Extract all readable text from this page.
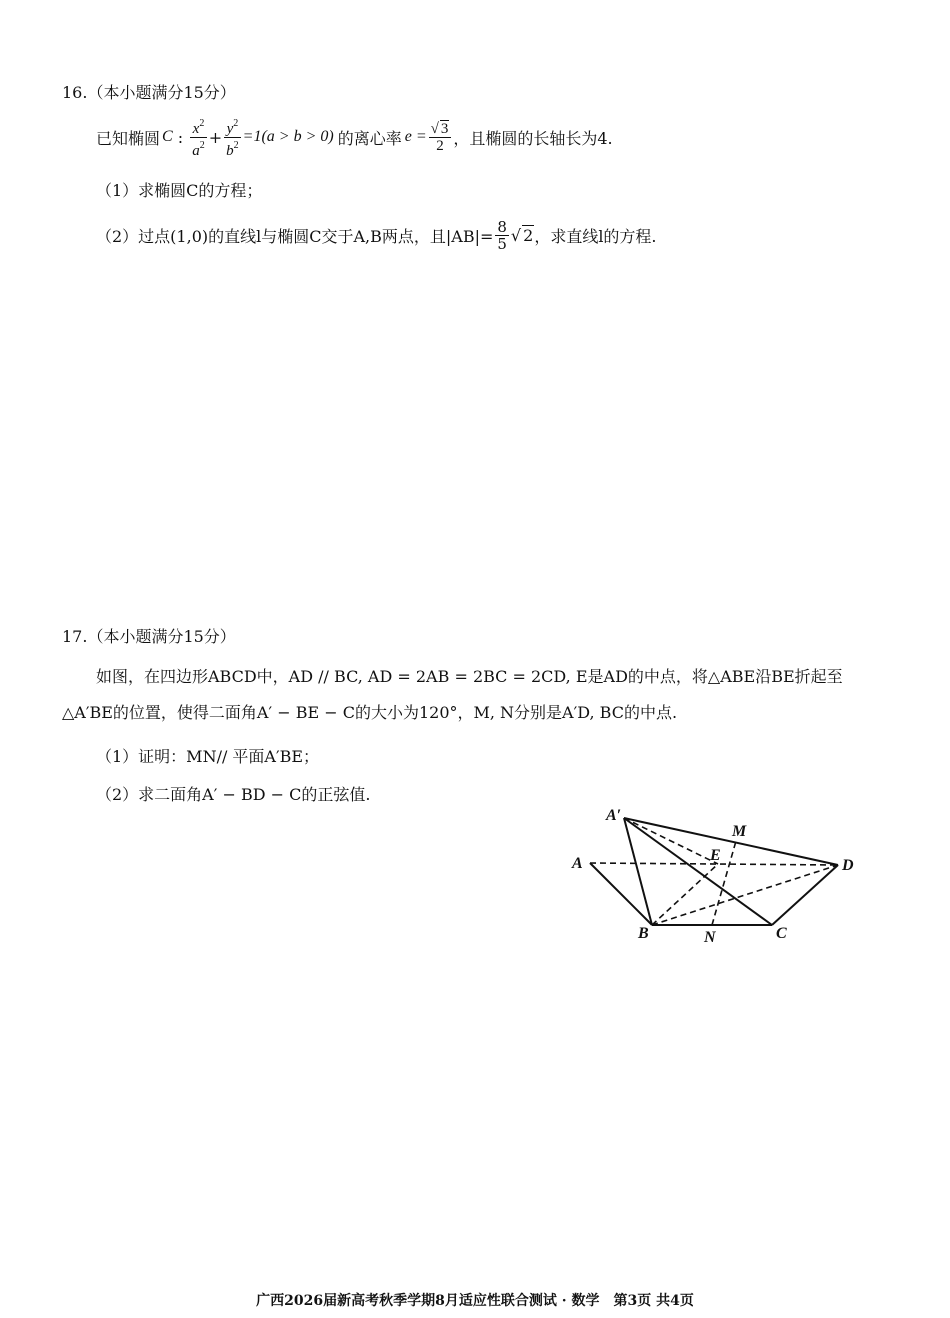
16.（本小题满分15分）
已知椭圆 C : $\frac{x^2}{a^2} + \frac{y^2}{b^2} =1(a > b > 0)$ 的离心率 $e = \frac{√ 3}{2}$ ，且椭圆的长轴长为4.
（1）求椭圆C的方程；
（2）过点(1,0)的直线l与椭圆C交于A,B两点，且$|AB|= \frac{8}{5}$ √ 2 ，求直线l的方程.
17.（本小题满分15分）
如图，在四边形ABCD中，AD // BC, AD = 2AB = 2BC = 2CD, E是AD的中点，将△ABE沿BE折起至
△A′BE的位置，使得二面角A′ − BE − C的大小为120°，M, N分别是A′D, BC的中点.
（1）证明：MN// 平面A′BE；
（2）求二面角A′ − BD − C的正弦值.
A′
M
A	E
D
B	N	C
广西2026届新高考秋季学期8月适应性联合测试 · 数学　第3页 共4页
